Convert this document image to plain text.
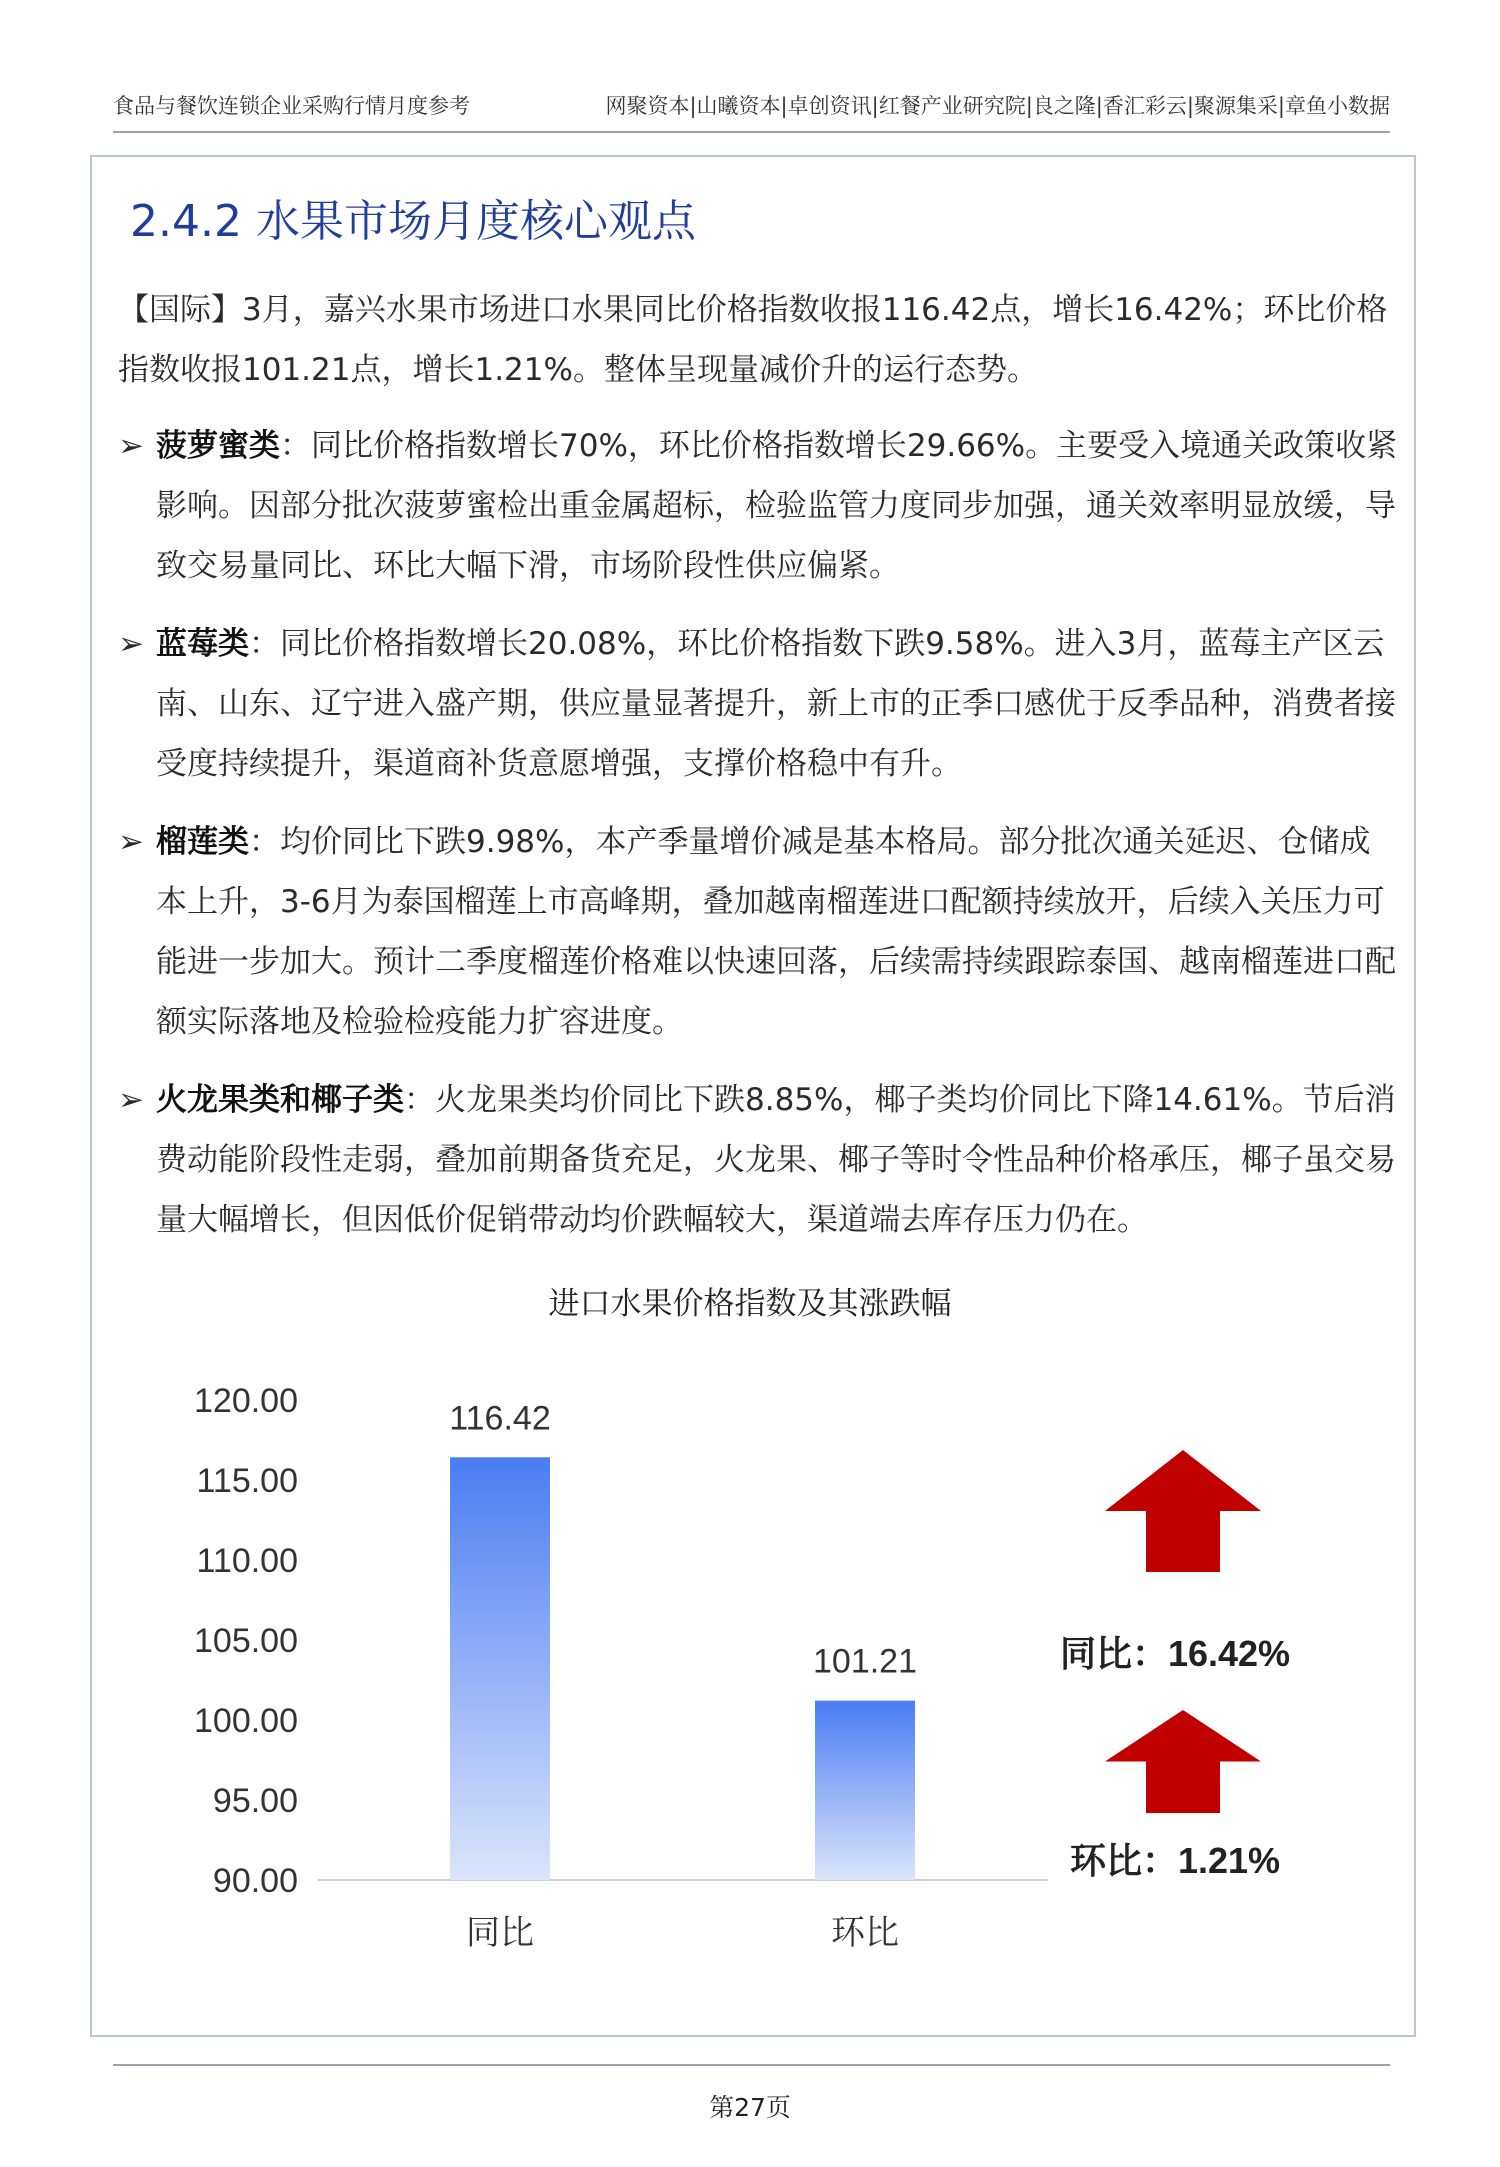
食品与餐饮连锁企业采购行情月度参考	网聚资本|山曦资本|卓创资讯|红餐产业研究院|良之隆|香汇彩云|聚源集采|章鱼小数据
2.4.2 水果市场月度核心观点
【国际】3月，嘉兴水果市场进口水果同比价格指数收报116.42点，增长16.42%；环比价格指数收报101.21点，增长1.21%。整体呈现量减价升的运行态势。
➢ 菠萝蜜类：同比价格指数增长70%，环比价格指数增长29.66%。主要受入境通关政策收紧影响。因部分批次菠萝蜜检出重金属超标，检验监管力度同步加强，通关效率明显放缓，导致交易量同比、环比大幅下滑，市场阶段性供应偏紧。
➢ 蓝莓类：同比价格指数增长20.08%，环比价格指数下跌9.58%。进入3月，蓝莓主产区云南、山东、辽宁进入盛产期，供应量显著提升，新上市的正季口感优于反季品种，消费者接受度持续提升，渠道商补货意愿增强，支撑价格稳中有升。
➢ 榴莲类：均价同比下跌9.98%，本产季量增价减是基本格局。部分批次通关延迟、仓储成本上升，3-6月为泰国榴莲上市高峰期，叠加越南榴莲进口配额持续放开，后续入关压力可能进一步加大。预计二季度榴莲价格难以快速回落，后续需持续跟踪泰国、越南榴莲进口配额实际落地及检验检疫能力扩容进度。
➢ 火龙果类和椰子类：火龙果类均价同比下跌8.85%，椰子类均价同比下降14.61%。节后消费动能阶段性走弱，叠加前期备货充足，火龙果、椰子等时令性品种价格承压，椰子虽交易量大幅增长，但因低价促销带动均价跌幅较大，渠道端去库存压力仍在。
进口水果价格指数及其涨跌幅
120.00
115.00
110.00
105.00
100.00
95.00
90.00
116.42
同比
101.21
环比
同比：16.42%
环比：1.21%
第27页
